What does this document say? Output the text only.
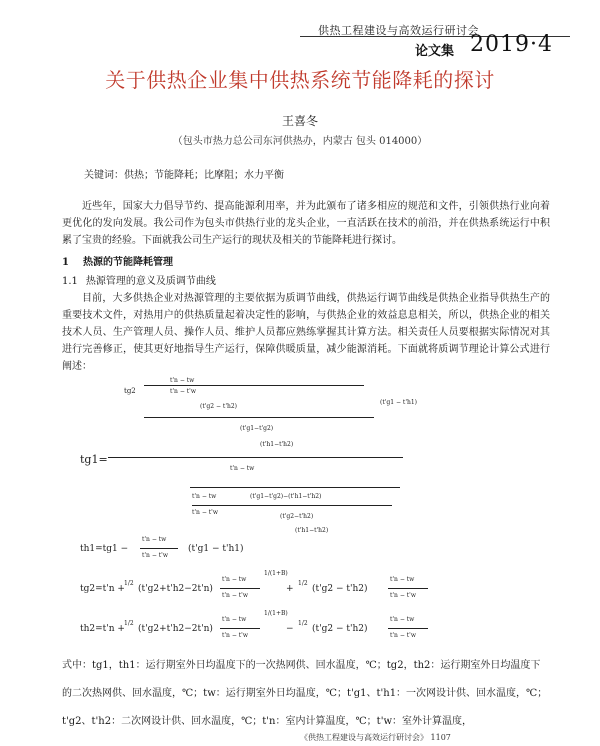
供热工程建设与高效运行研讨会
论文集 2019·4
关于供热企业集中供热系统节能降耗的探讨
王喜冬
（包头市热力总公司东河供热办，内蒙古 包头 014000）
关键词：供热；节能降耗；比摩阻；水力平衡
近些年，国家大力倡导节约、提高能源利用率，并为此颁布了诸多相应的规范和文件，引领供热行业向着更优化的发向发展。我公司作为包头市供热行业的龙头企业，一直活跃在技术的前沿，并在供热系统运行中积累了宝贵的经验。下面就我公司生产运行的现状及相关的节能降耗进行探讨。
1 热源的节能降耗管理
1.1 热源管理的意义及质调节曲线
目前，大多供热企业对热源管理的主要依据为质调节曲线，供热运行调节曲线是供热企业指导供热生产的重要技术文件，对热用户的供热质量起着决定性的影响，与供热企业的效益息息相关，所以，供热企业的相关技术人员、生产管理人员、操作人员、维护人员都应熟练掌握其计算方法。相关责任人员要根据实际情况对其进行完善修正，使其更好地指导生产运行，保障供暖质量，减少能源消耗。下面就将质调节理论计算公式进行阐述：
tg1=
tg2
t'n − tw
t'n − t'w
(t'g2 − t'h2)
(t'g1 − t'h1)
(t'g1−t'g2)
(t'h1−t'h2)
t'n − tw
t'n − tw	(t'g1−t'g2)−(t'h1−t'h2)
t'n − t'w
(t'g2−t'h2)
(t'h1−t'h2)
th1=tg1 −
t'n − tw
t'n − t'w
(t'g1 − t'h1)
tg2=t'n +
1/2
(t'g2+t'h2−2t'n)
t'n − tw
t'n − t'w
1/(1+B)
+
1/2
(t'g2 − t'h2)
t'n − tw
t'n − t'w
th2=t'n +
1/2
(t'g2+t'h2−2t'n)
t'n − tw
t'n − t'w
1/(1+B)
−
1/2
(t'g2 − t'h2)
t'n − tw
t'n − t'w
式中：tg1，th1：运行期室外日均温度下的一次热网供、回水温度，℃；tg2，th2：运行期室外日均温度下的二次热网供、回水温度，℃；tw：运行期室外日均温度，℃；t'g1、t'h1：一次网设计供、回水温度，℃；t'g2、t'h2：二次网设计供、回水温度，℃；t'n：室内计算温度，℃；t'w：室外计算温度，
《供热工程建设与高效运行研讨会》 1107
